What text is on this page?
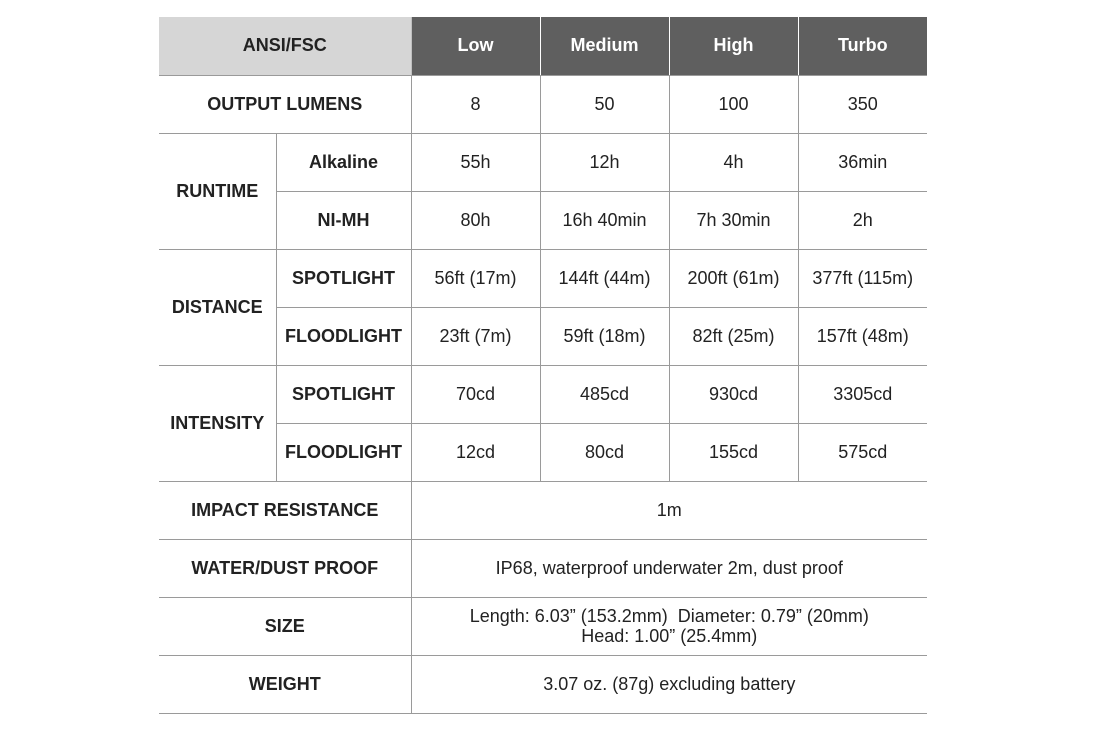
ANSI/FSC		Low	Medium	High	Turbo
OUTPUT LUMENS		8	50	100	350
RUNTIME	Alkaline	55h	12h	4h	36min
	NI-MH	80h	16h 40min	7h 30min	2h
DISTANCE	SPOTLIGHT	56ft (17m)	144ft (44m)	200ft (61m)	377ft (115m)
	FLOODLIGHT	23ft (7m)	59ft (18m)	82ft (25m)	157ft (48m)
INTENSITY	SPOTLIGHT	70cd	485cd	930cd	3305cd
	FLOODLIGHT	12cd	80cd	155cd	575cd
IMPACT RESISTANCE		1m			
WATER/DUST PROOF		IP68, waterproof underwater 2m, dust proof			
SIZE		Length: 6.03” (153.2mm)  Diameter: 0.79” (20mm)
Head: 1.00” (25.4mm)			

WEIGHT		3.07 oz. (87g) excluding battery			
